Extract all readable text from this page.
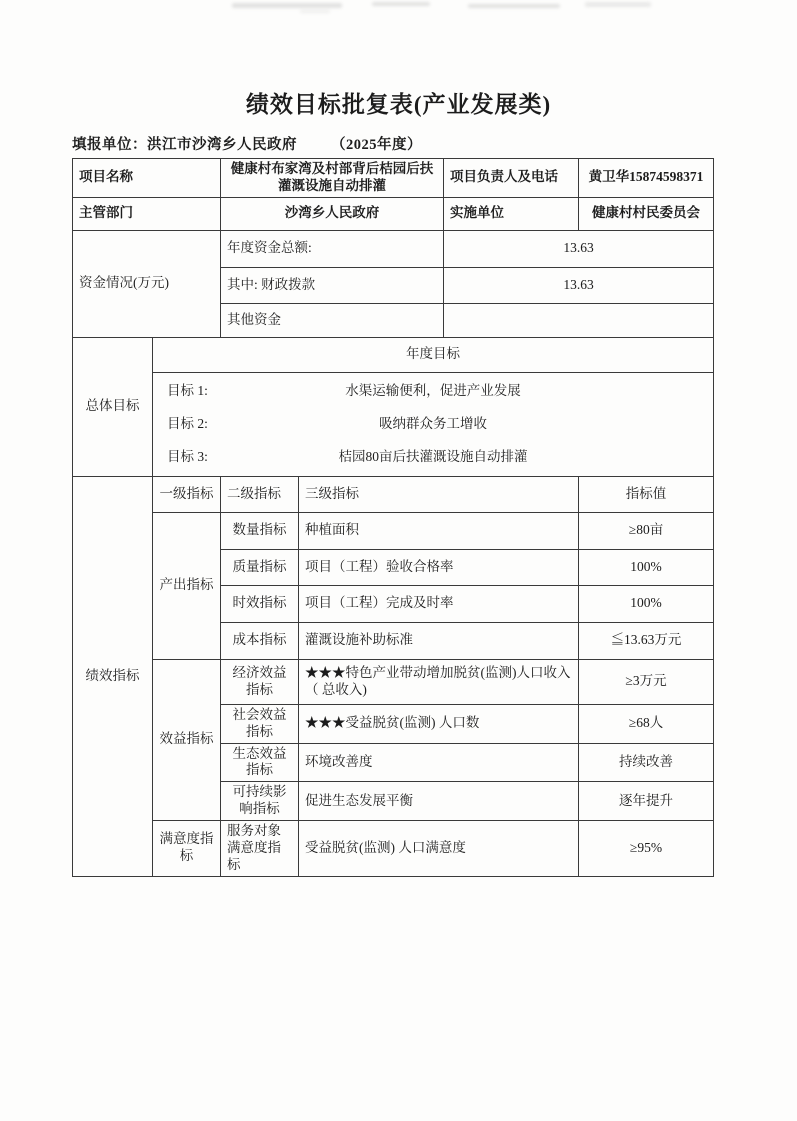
绩效目标批复表(产业发展类)
填报单位：洪江市沙湾乡人民政府 （2025年度）
项目名称		健康村布家湾及村部背后桔园后扶灌溉设施自动排灌		项目负责人及电话	黄卫华15874598371
主管部门		沙湾乡人民政府		实施单位	健康村村民委员会
资金情况(万元)		年度资金总额:		13.63	
		其中: 财政拨款		13.63	
		其他资金			
总体目标	年度目标				

目标 1:	水渠运输便利，促进产业发展
目标 2:	吸纳群众务工增收
目标 3:	桔园80亩后扶灌溉设施自动排灌

绩效指标	一级指标	二级指标	三级指标		指标值
	产出指标	数量指标	种植面积		≥80亩
		质量指标	项目（工程）验收合格率		100%
		时效指标	项目（工程）完成及时率		100%
		成本指标	灌溉设施补助标准		≦13.63万元
	效益指标	经济效益指标	★★★特色产业带动增加脱贫(监测)人口收入（ 总收入)		≥3万元
		社会效益指标	★★★受益脱贫(监测) 人口数		≥68人
		生态效益指标	环境改善度		持续改善
		可持续影响指标	促进生态发展平衡		逐年提升
	满意度指标	服务对象满意度指标	受益脱贫(监测) 人口满意度		≥95%
